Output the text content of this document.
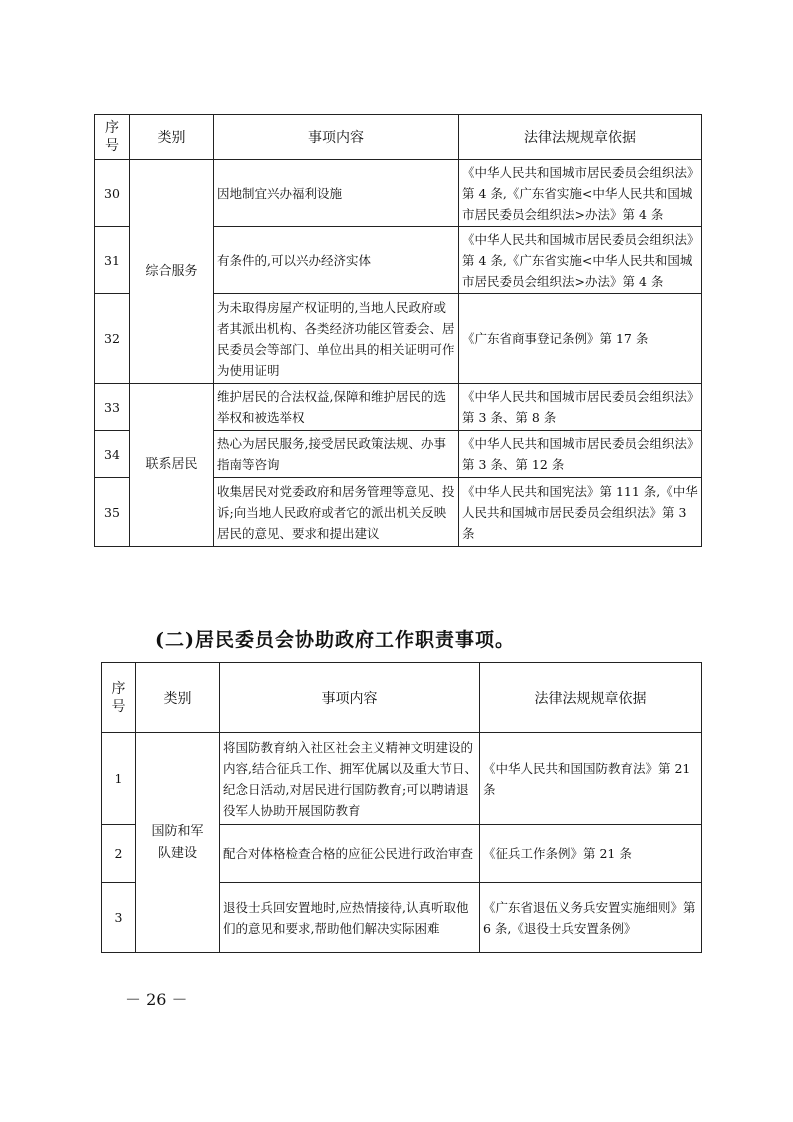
序号	类别	事项内容	法律法规规章依据
30	综合服务	因地制宜兴办福利设施	《中华人民共和国城市居民委员会组织法》第 4 条,《广东省实施<中华人民共和国城市居民委员会组织法>办法》第 4 条
31		有条件的,可以兴办经济实体	《中华人民共和国城市居民委员会组织法》第 4 条,《广东省实施<中华人民共和国城市居民委员会组织法>办法》第 4 条
32		为未取得房屋产权证明的,当地人民政府或者其派出机构、各类经济功能区管委会、居民委员会等部门、单位出具的相关证明可作为使用证明	《广东省商事登记条例》第 17 条
33	联系居民	维护居民的合法权益,保障和维护居民的选举权和被选举权	《中华人民共和国城市居民委员会组织法》第 3 条、第 8 条
34		热心为居民服务,接受居民政策法规、办事指南等咨询	《中华人民共和国城市居民委员会组织法》第 3 条、第 12 条
35		收集居民对党委政府和居务管理等意见、投诉;向当地人民政府或者它的派出机关反映居民的意见、要求和提出建议	《中华人民共和国宪法》第 111 条,《中华人民共和国城市居民委员会组织法》第 3 条
(二)居民委员会协助政府工作职责事项。
序号	类别	事项内容	法律法规规章依据
1	国防和军队建设	将国防教育纳入社区社会主义精神文明建设的内容,结合征兵工作、拥军优属以及重大节日、纪念日活动,对居民进行国防教育;可以聘请退役军人协助开展国防教育	《中华人民共和国国防教育法》第 21 条
2		配合对体格检查合格的应征公民进行政治审查	《征兵工作条例》第 21 条
3		退役士兵回安置地时,应热情接待,认真听取他们的意见和要求,帮助他们解决实际困难	《广东省退伍义务兵安置实施细则》第 6 条,《退役士兵安置条例》
－ 26 －
